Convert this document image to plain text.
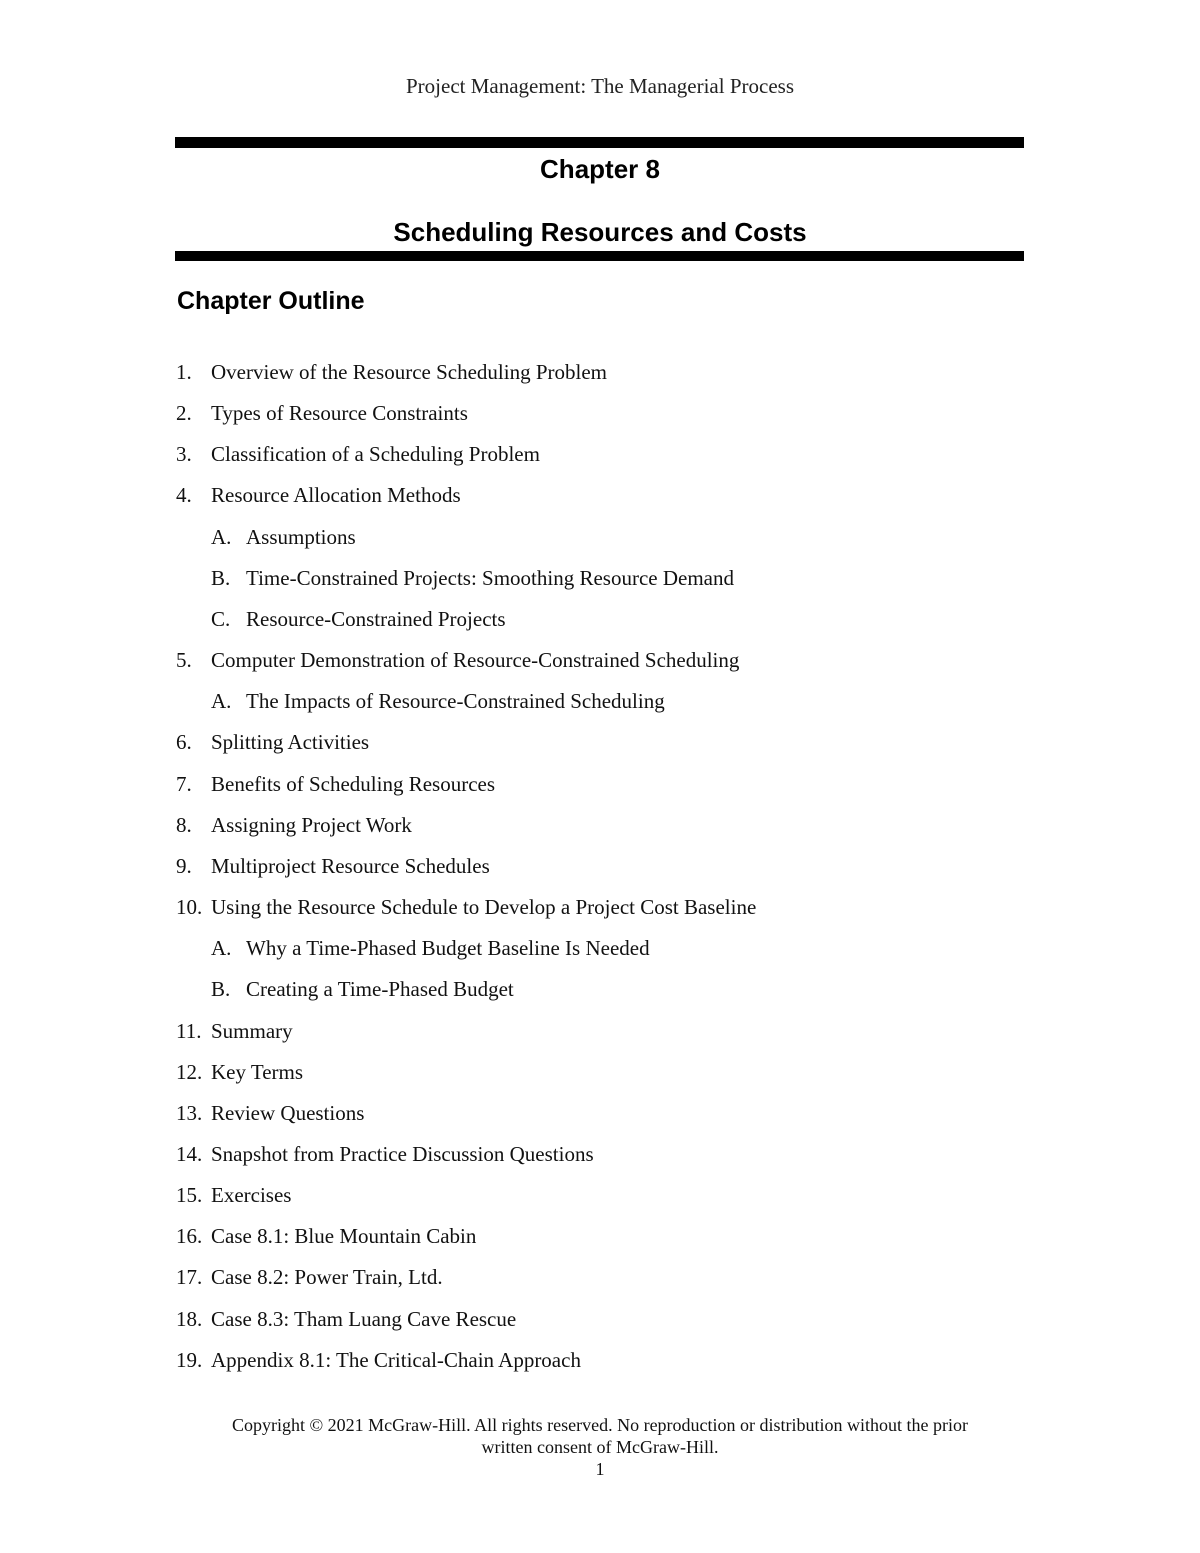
Project Management: The Managerial Process
Chapter 8
Scheduling Resources and Costs
Chapter Outline
1. Overview of the Resource Scheduling Problem
2. Types of Resource Constraints
3. Classification of a Scheduling Problem
4. Resource Allocation Methods
A. Assumptions
B. Time-Constrained Projects: Smoothing Resource Demand
C. Resource-Constrained Projects
5. Computer Demonstration of Resource-Constrained Scheduling
A. The Impacts of Resource-Constrained Scheduling
6. Splitting Activities
7. Benefits of Scheduling Resources
8. Assigning Project Work
9. Multiproject Resource Schedules
10. Using the Resource Schedule to Develop a Project Cost Baseline
A. Why a Time-Phased Budget Baseline Is Needed
B. Creating a Time-Phased Budget
11. Summary
12. Key Terms
13. Review Questions
14. Snapshot from Practice Discussion Questions
15. Exercises
16. Case 8.1: Blue Mountain Cabin
17. Case 8.2: Power Train, Ltd.
18. Case 8.3: Tham Luang Cave Rescue
19. Appendix 8.1: The Critical-Chain Approach
Copyright © 2021 McGraw-Hill. All rights reserved. No reproduction or distribution without the prior
written consent of McGraw-Hill.
1
